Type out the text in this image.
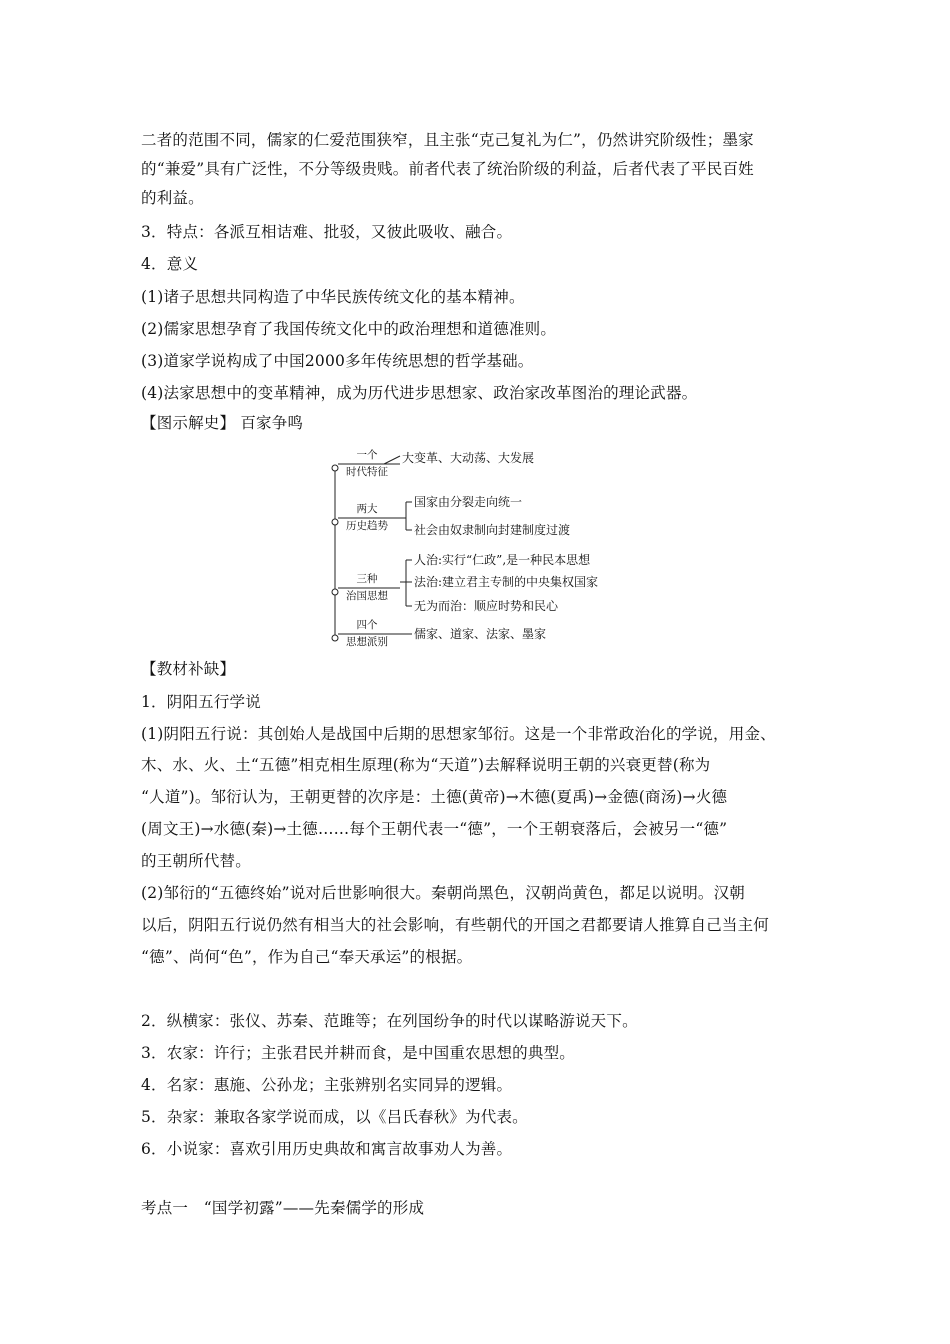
二者的范围不同，儒家的仁爱范围狭窄，且主张“克己复礼为仁”，仍然讲究阶级性；墨家
的“兼爱”具有广泛性，不分等级贵贱。前者代表了统治阶级的利益，后者代表了平民百姓
的利益。
3．特点：各派互相诘难、批驳，又彼此吸收、融合。
4．意义
(1)诸子思想共同构造了中华民族传统文化的基本精神。
(2)儒家思想孕育了我国传统文化中的政治理想和道德准则。
(3)道家学说构成了中国2000多年传统思想的哲学基础。
(4)法家思想中的变革精神，成为历代进步思想家、政治家改革图治的理论武器。
【图示解史】 百家争鸣
一个
时代特征
大变革、大动荡、大发展
两大
历史趋势
国家由分裂走向统一
社会由奴隶制向封建制度过渡
三种
治国思想
人治:实行“仁政”,是一种民本思想
法治:建立君主专制的中央集权国家
无为而治：顺应时势和民心
四个
思想派别
儒家、道家、法家、墨家
【教材补缺】
1．阴阳五行学说
(1)阴阳五行说：其创始人是战国中后期的思想家邹衍。这是一个非常政治化的学说，用金、
木、水、火、土“五德”相克相生原理(称为“天道”)去解释说明王朝的兴衰更替(称为
“人道”)。邹衍认为，王朝更替的次序是：土德(黄帝)→木德(夏禹)→金德(商汤)→火德
(周文王)→水德(秦)→土德……每个王朝代表一“德”，一个王朝衰落后，会被另一“德”
的王朝所代替。
(2)邹衍的“五德终始”说对后世影响很大。秦朝尚黑色，汉朝尚黄色，都足以说明。汉朝
以后，阴阳五行说仍然有相当大的社会影响，有些朝代的开国之君都要请人推算自己当主何
“德”、尚何“色”，作为自己“奉天承运”的根据。
2．纵横家：张仪、苏秦、范雎等；在列国纷争的时代以谋略游说天下。
3．农家：许行；主张君民并耕而食，是中国重农思想的典型。
4．名家：惠施、公孙龙；主张辨别名实同异的逻辑。
5．杂家：兼取各家学说而成，以《吕氏春秋》为代表。
6．小说家：喜欢引用历史典故和寓言故事劝人为善。
考点一　“国学初露”——先秦儒学的形成
